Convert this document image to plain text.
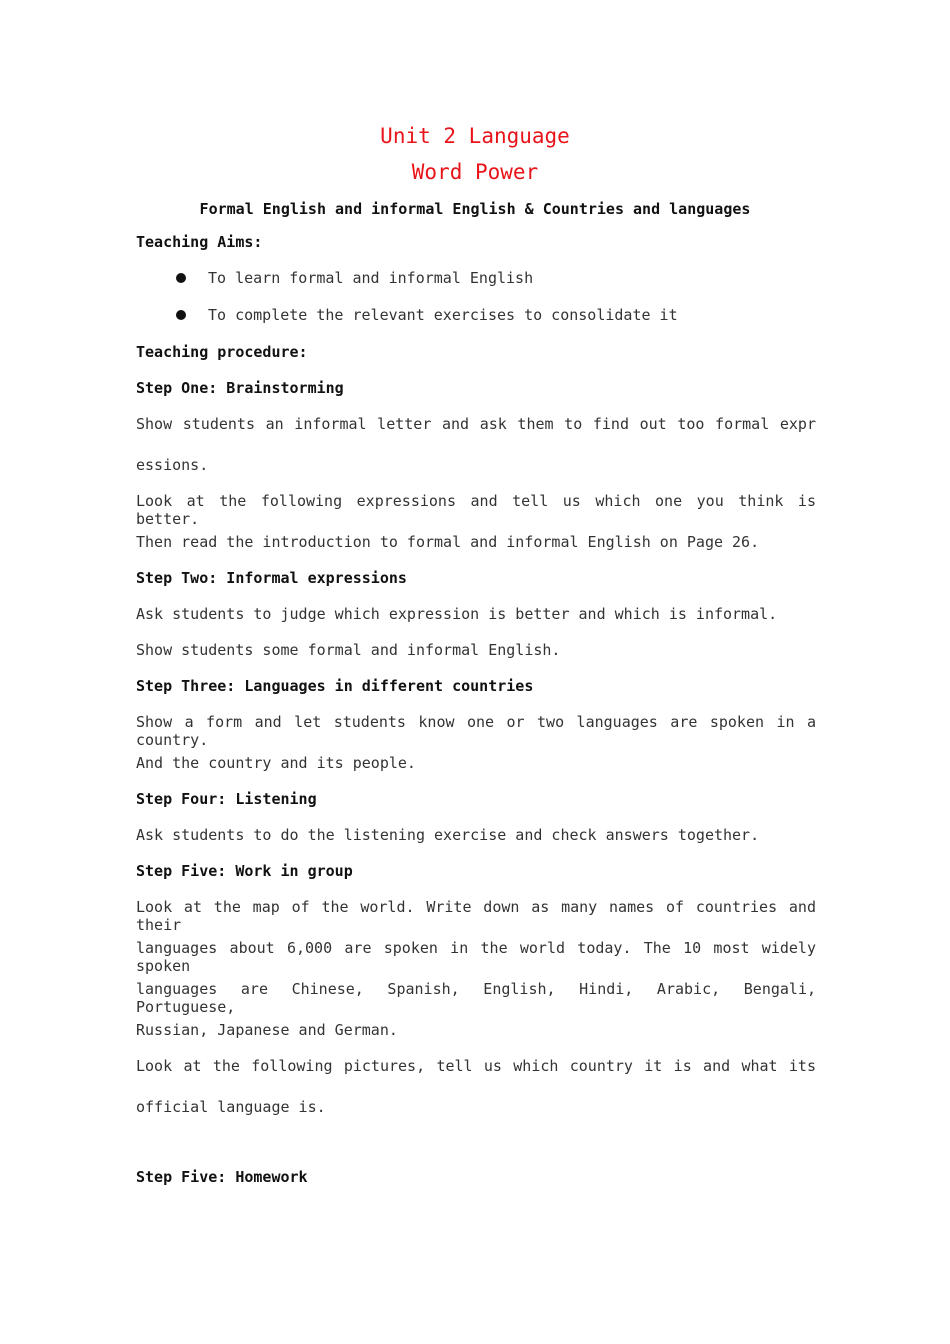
Unit 2 Language
Word Power
Formal English and informal English & Countries and languages
Teaching Aims:
To learn formal and informal English
To complete the relevant exercises to consolidate it
Teaching procedure:
Step One: Brainstorming
Show students an informal letter and ask them to find out too formal expr
essions.
Look at the following expressions and tell us which one you think is better.
Then read the introduction to formal and informal English on Page 26.
Step Two: Informal expressions
Ask students to judge which expression is better and which is informal.
Show students some formal and informal English.
Step Three: Languages in different countries
Show a form and let students know one or two languages are spoken in a country.
And the country and its people.
Step Four: Listening
Ask students to do the listening exercise and check answers together.
Step Five: Work in group
Look at the map of the world. Write down as many names of countries and their
languages about 6,000 are spoken in the world today. The 10 most widely spoken
languages are Chinese, Spanish, English, Hindi, Arabic, Bengali, Portuguese,
Russian, Japanese and German.
Look at the following pictures, tell us which country it is and what its
official language is.
Step Five: Homework
